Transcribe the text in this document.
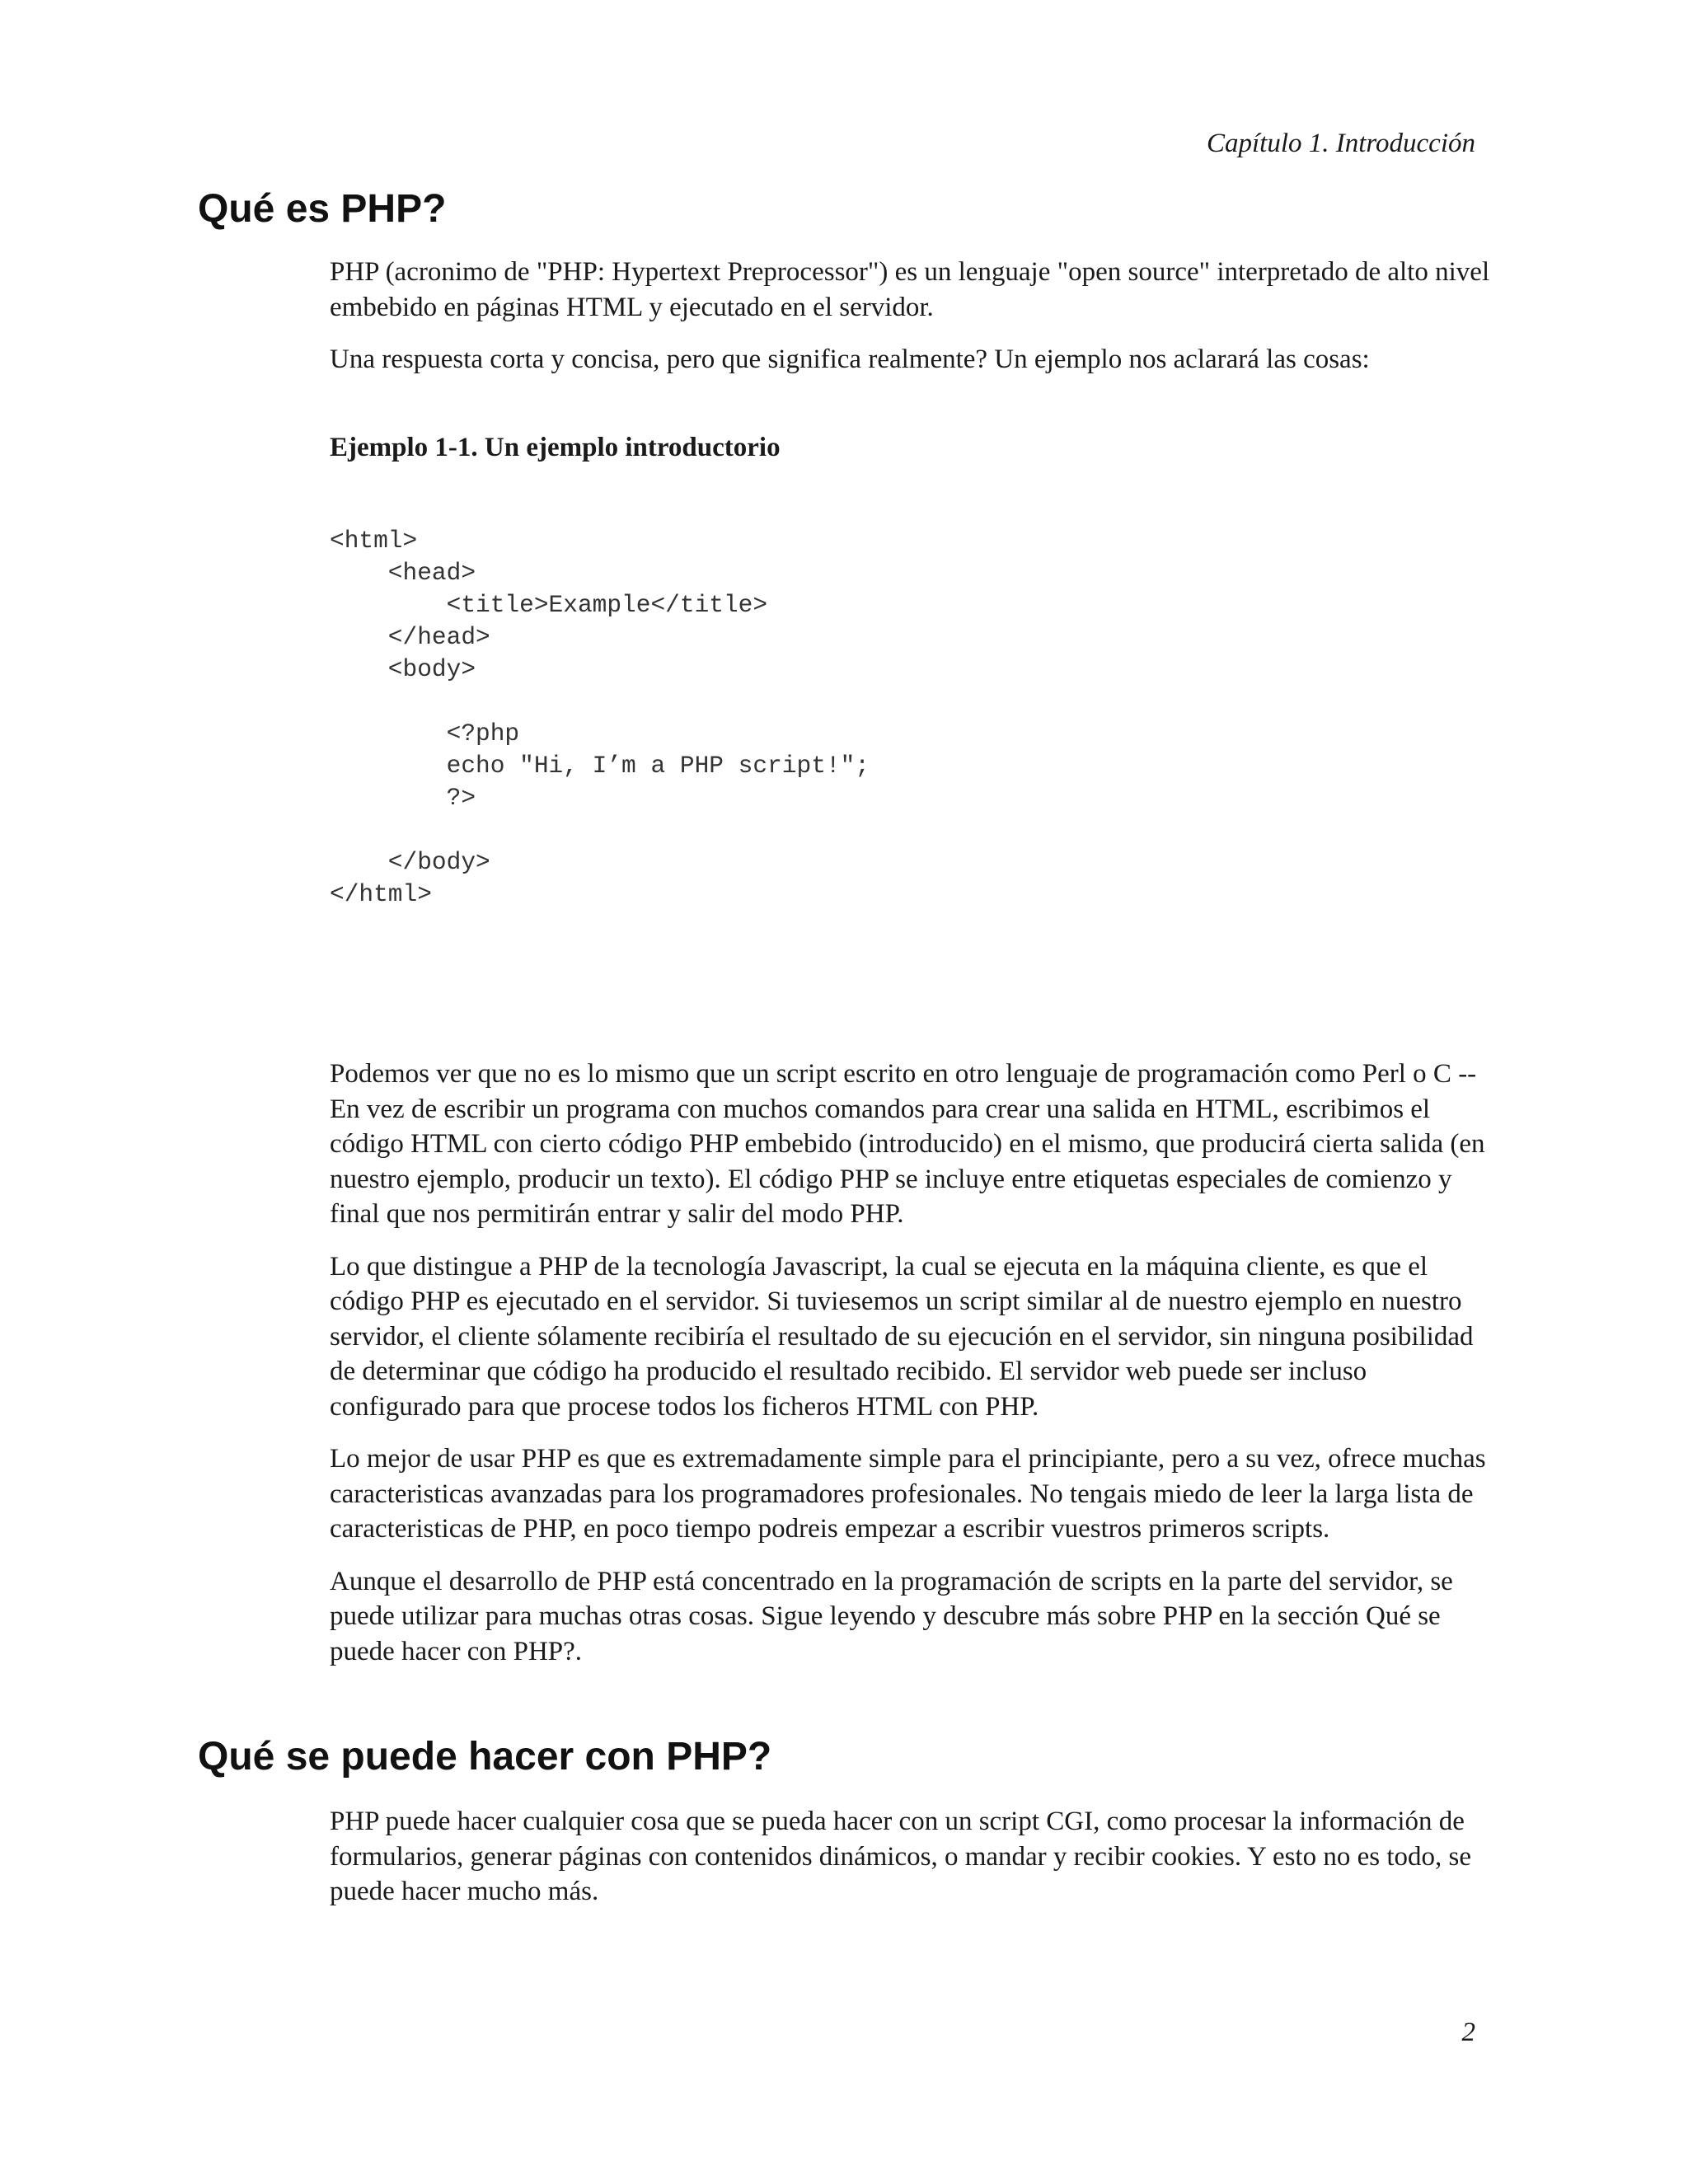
Capítulo 1. Introducción
Qué es PHP?

PHP (acronimo de "PHP: Hypertext Preprocessor") es un lenguaje "open source" interpretado de alto nivel embebido en páginas HTML y ejecutado en el servidor.

Una respuesta corta y concisa, pero que significa realmente? Un ejemplo nos aclarará las cosas:

Ejemplo 1-1. Un ejemplo introductorio
<html>
<head>
<title>Example</title>
</head>
<body>
<?php
echo "Hi, I’m a PHP script!";
?>
</body>
</html>

Podemos ver que no es lo mismo que un script escrito en otro lenguaje de programación como Perl o C -- En vez de escribir un programa con muchos comandos para crear una salida en HTML, escribimos el código HTML con cierto código PHP embebido (introducido) en el mismo, que producirá cierta salida (en nuestro ejemplo, producir un texto). El código PHP se incluye entre etiquetas especiales de comienzo y final que nos permitirán entrar y salir del modo PHP.

Lo que distingue a PHP de la tecnología Javascript, la cual se ejecuta en la máquina cliente, es que el código PHP es ejecutado en el servidor. Si tuviesemos un script similar al de nuestro ejemplo en nuestro servidor, el cliente sólamente recibiría el resultado de su ejecución en el servidor, sin ninguna posibilidad de determinar que código ha producido el resultado recibido. El servidor web puede ser incluso configurado para que procese todos los ficheros HTML con PHP.

Lo mejor de usar PHP es que es extremadamente simple para el principiante, pero a su vez, ofrece muchas caracteristicas avanzadas para los programadores profesionales. No tengais miedo de leer la larga lista de caracteristicas de PHP, en poco tiempo podreis empezar a escribir vuestros primeros scripts.

Aunque el desarrollo de PHP está concentrado en la programación de scripts en la parte del servidor, se puede utilizar para muchas otras cosas. Sigue leyendo y descubre más sobre PHP en la sección Qué se puede hacer con PHP?.

Qué se puede hacer con PHP?

PHP puede hacer cualquier cosa que se pueda hacer con un script CGI, como procesar la información de formularios, generar páginas con contenidos dinámicos, o mandar y recibir cookies. Y esto no es todo, se puede hacer mucho más.

2
